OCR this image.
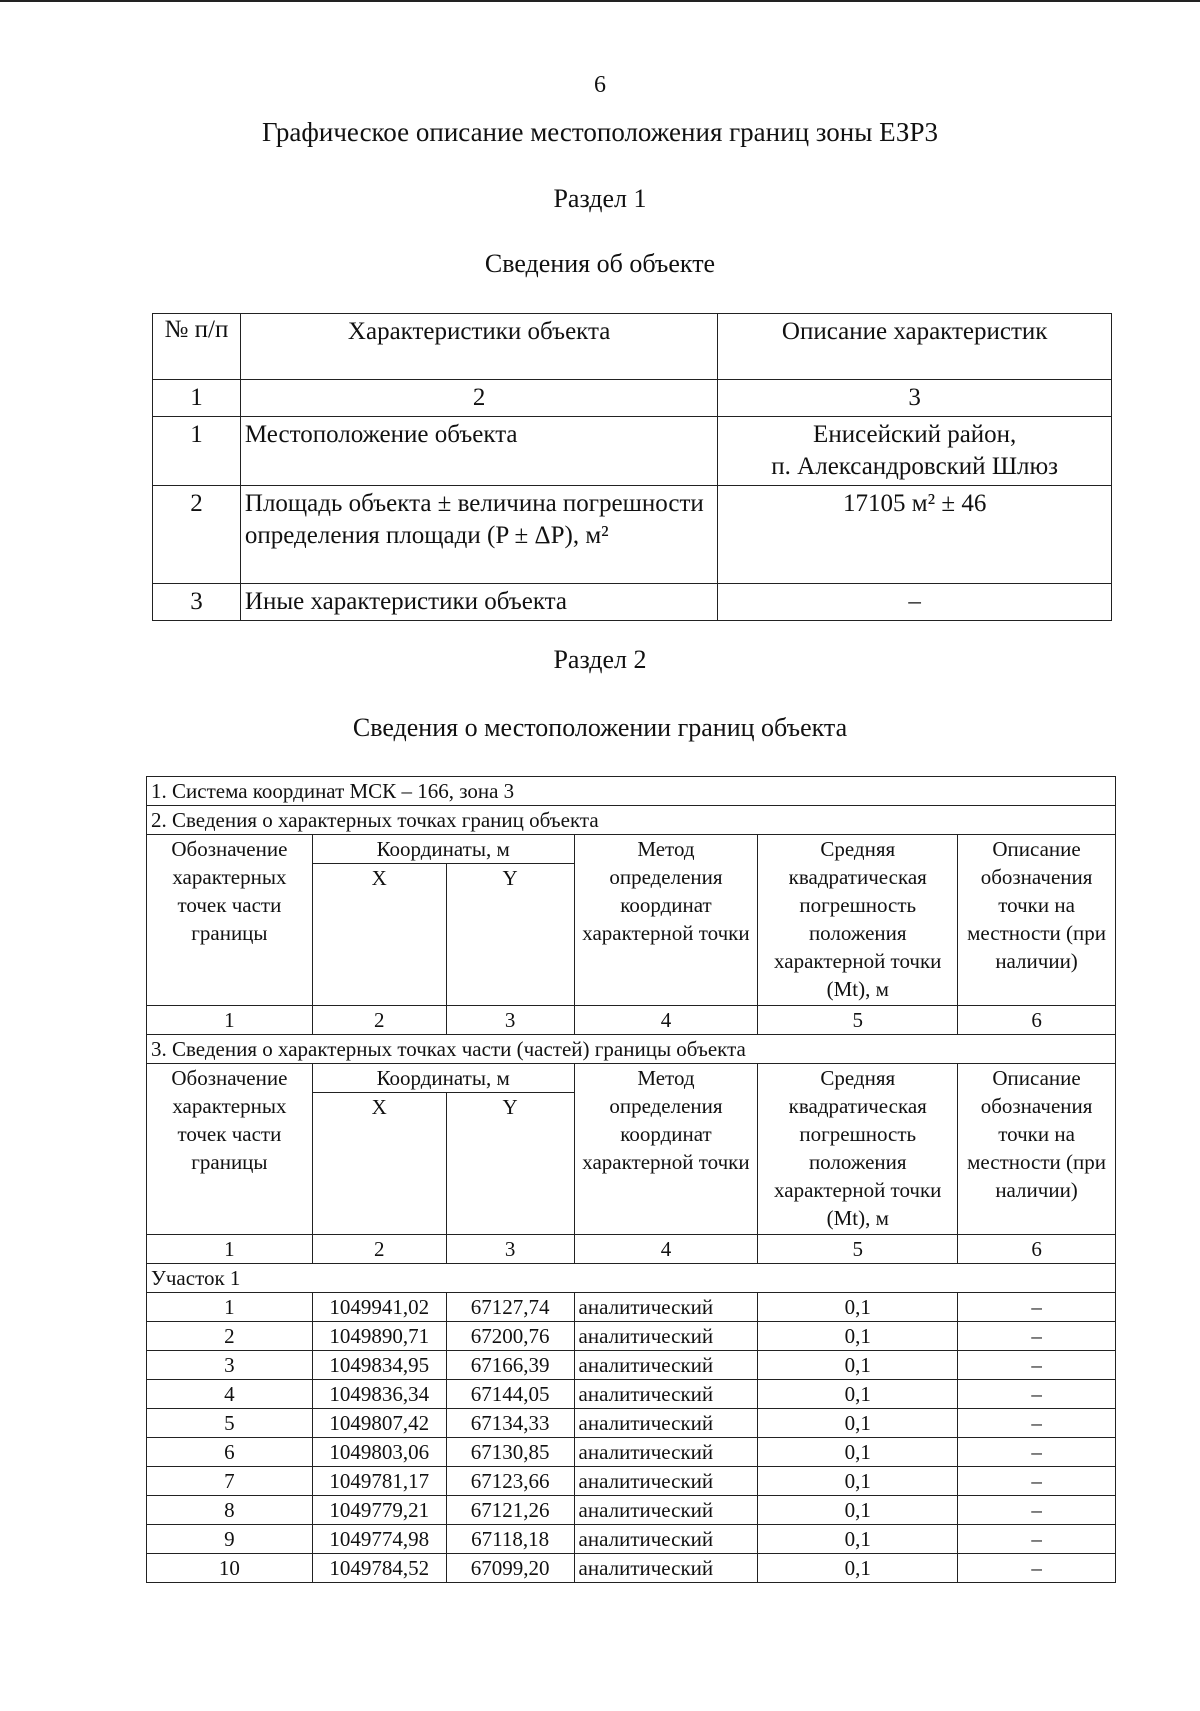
6
Графическое описание местоположения границ зоны ЕЗР3
Раздел 1
Сведения об объекте
№ п/п	Характеристики объекта	Описание характеристик
1	2	3
1	Местоположение объекта	Енисейский район,
п. Александровский Шлюз

2	Площадь объекта ± величина погрешности определения площади (P ± ΔP), м²	17105 м² ± 46
3	Иные характеристики объекта	–
Раздел 2
Сведения о местоположении границ объекта
1. Система координат МСК – 166, зона 3					
2. Сведения о характерных точках границ объекта					
Обозначение характерных точек части границы	Координаты, м		Метод определения координат характерной точки	Средняя квадратическая погрешность положения характерной точки (Mt), м	Описание обозначения точки на местности (при наличии)
	X	Y			
1	2	3	4	5	6
3. Сведения о характерных точках части (частей) границы объекта					
Обозначение характерных точек части границы	Координаты, м		Метод определения координат характерной точки	Средняя квадратическая погрешность положения характерной точки (Mt), м	Описание обозначения точки на местности (при наличии)
	X	Y			
1	2	3	4	5	6
Участок 1					
1	1049941,02	67127,74	аналитический	0,1	–
2	1049890,71	67200,76	аналитический	0,1	–
3	1049834,95	67166,39	аналитический	0,1	–
4	1049836,34	67144,05	аналитический	0,1	–
5	1049807,42	67134,33	аналитический	0,1	–
6	1049803,06	67130,85	аналитический	0,1	–
7	1049781,17	67123,66	аналитический	0,1	–
8	1049779,21	67121,26	аналитический	0,1	–
9	1049774,98	67118,18	аналитический	0,1	–
10	1049784,52	67099,20	аналитический	0,1	–
